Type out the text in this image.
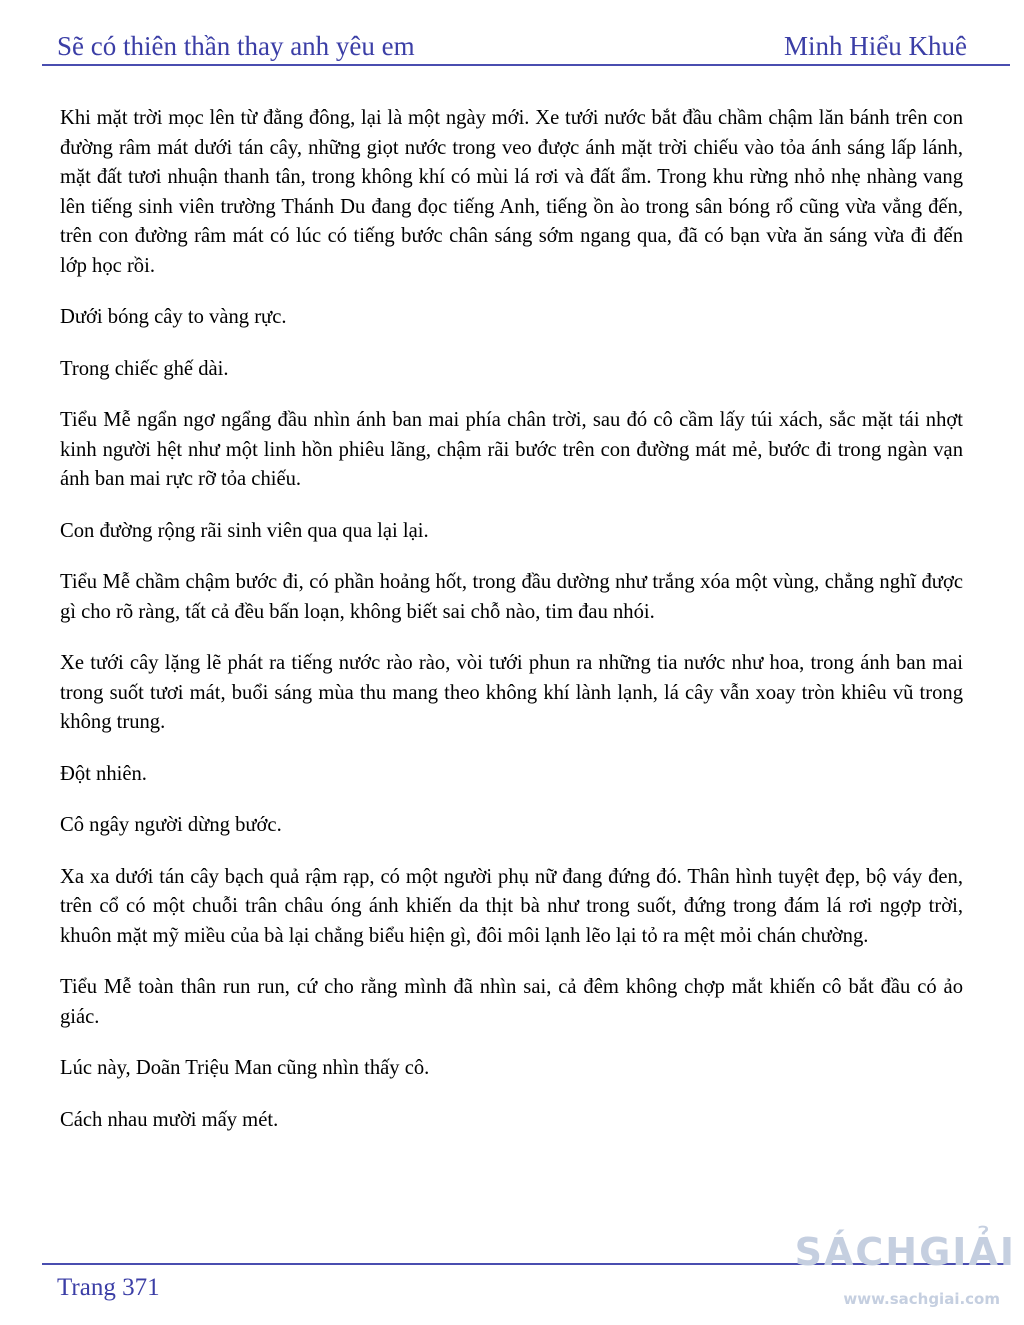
Sẽ có thiên thần thay anh yêu em	Minh Hiểu Khuê

Khi mặt trời mọc lên từ đằng đông, lại là một ngày mới. Xe tưới nước bắt đầu chầm chậm lăn bánh trên con đường râm mát dưới tán cây, những giọt nước trong veo được ánh mặt trời chiếu vào tỏa ánh sáng lấp lánh, mặt đất tươi nhuận thanh tân, trong không khí có mùi lá rơi và đất ẩm. Trong khu rừng nhỏ nhẹ nhàng vang lên tiếng sinh viên trường Thánh Du đang đọc tiếng Anh, tiếng ồn ào trong sân bóng rổ cũng vừa vẳng đến, trên con đường râm mát có lúc có tiếng bước chân sáng sớm ngang qua, đã có bạn vừa ăn sáng vừa đi đến lớp học rồi.

Dưới bóng cây to vàng rực.

Trong chiếc ghế dài.

Tiểu Mễ ngẩn ngơ ngẩng đầu nhìn ánh ban mai phía chân trời, sau đó cô cầm lấy túi xách, sắc mặt tái nhợt kinh người hệt như một linh hồn phiêu lãng, chậm rãi bước trên con đường mát mẻ, bước đi trong ngàn vạn ánh ban mai rực rỡ tỏa chiếu.

Con đường rộng rãi sinh viên qua qua lại lại.

Tiểu Mễ chầm chậm bước đi, có phần hoảng hốt, trong đầu dường như trắng xóa một vùng, chẳng nghĩ được gì cho rõ ràng, tất cả đều bấn loạn, không biết sai chỗ nào, tim đau nhói.

Xe tưới cây lặng lẽ phát ra tiếng nước rào rào, vòi tưới phun ra những tia nước như hoa, trong ánh ban mai trong suốt tươi mát, buổi sáng mùa thu mang theo không khí lành lạnh, lá cây vẫn xoay tròn khiêu vũ trong không trung.

Đột nhiên.

Cô ngây người dừng bước.

Xa xa dưới tán cây bạch quả rậm rạp, có một người phụ nữ đang đứng đó. Thân hình tuyệt đẹp, bộ váy đen, trên cổ có một chuỗi trân châu óng ánh khiến da thịt bà như trong suốt, đứng trong đám lá rơi ngợp trời, khuôn mặt mỹ miều của bà lại chẳng biểu hiện gì, đôi môi lạnh lẽo lại tỏ ra mệt mỏi chán chường.

Tiểu Mễ toàn thân run run, cứ cho rằng mình đã nhìn sai, cả đêm không chợp mắt khiến cô bắt đầu có ảo giác.

Lúc này, Doãn Triệu Man cũng nhìn thấy cô.

Cách nhau mười mấy mét.

Trang 371
SÁCHGIẢI
www.sachgiai.com
